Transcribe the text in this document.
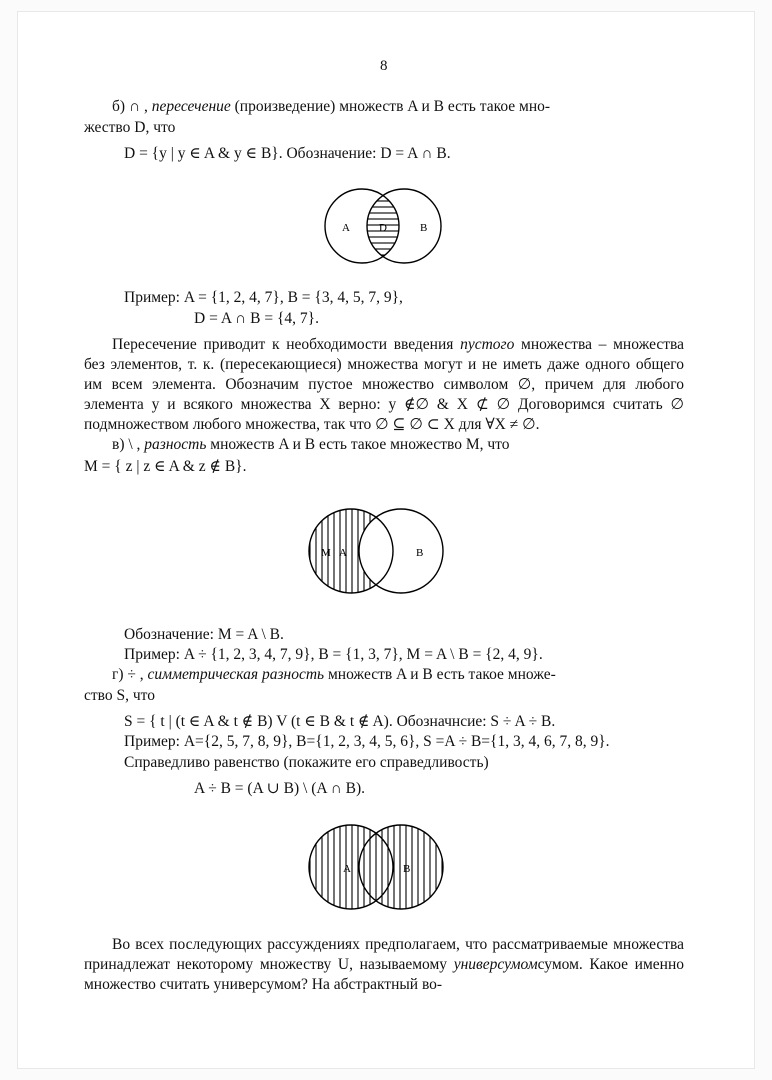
8

б) ∩ , пересечение (произведение) множеств A и B есть такое мно-

жество D, что

D = {y | y ∈ A & y ∈ B}. Обозначение: D = A ∩ B.

A	D	B

Пример: A = {1, 2, 4, 7}, B = {3, 4, 5, 7, 9},

D = A ∩ B = {4, 7}.

Пересечение приводит к необходимости введения пустого множества – множества без элементов, т. к. (пересекающиеся) множества могут и не иметь даже одного общего им всем элемента. Обозначим пустое множество символом ∅, причем для любого элемента y и всякого множества X верно: y ∉∅ & X ⊄ ∅ Договоримся считать ∅ подмножеством любого множества, так что ∅ ⊆ ∅ ⊂ X для ∀X ≠ ∅.

в) \ , разность множеств A и B есть такое множество M, что

M = { z | z ∈ A & z ∉ B}.

M A	B

Обозначение: M = A \ B.

Пример: A ÷ {1, 2, 3, 4, 7, 9}, B = {1, 3, 7}, M = A \ B = {2, 4, 9}.

г) ÷ , симметрическая разность множеств A и B есть такое множе-

ство S, что

S = { t | (t ∈ A & t ∉ B) V (t ∈ B & t ∉ A). Обозначнсие: S ÷ A ÷ B.

Пример: A={2, 5, 7, 8, 9}, B={1, 2, 3, 4, 5, 6}, S =A ÷ B={1, 3, 4, 6, 7, 8, 9}.

Справедливо равенство (покажите его справедливость)

A ÷ B = (A ∪ B) \ (A ∩ B).

A	B

Во всех последующих рассуждениях предполагаем, что рассматриваемые множества принадлежат некоторому множеству U, называемому универсумомсумом. Какое именно множество считать универсумом? На абстрактный во-
